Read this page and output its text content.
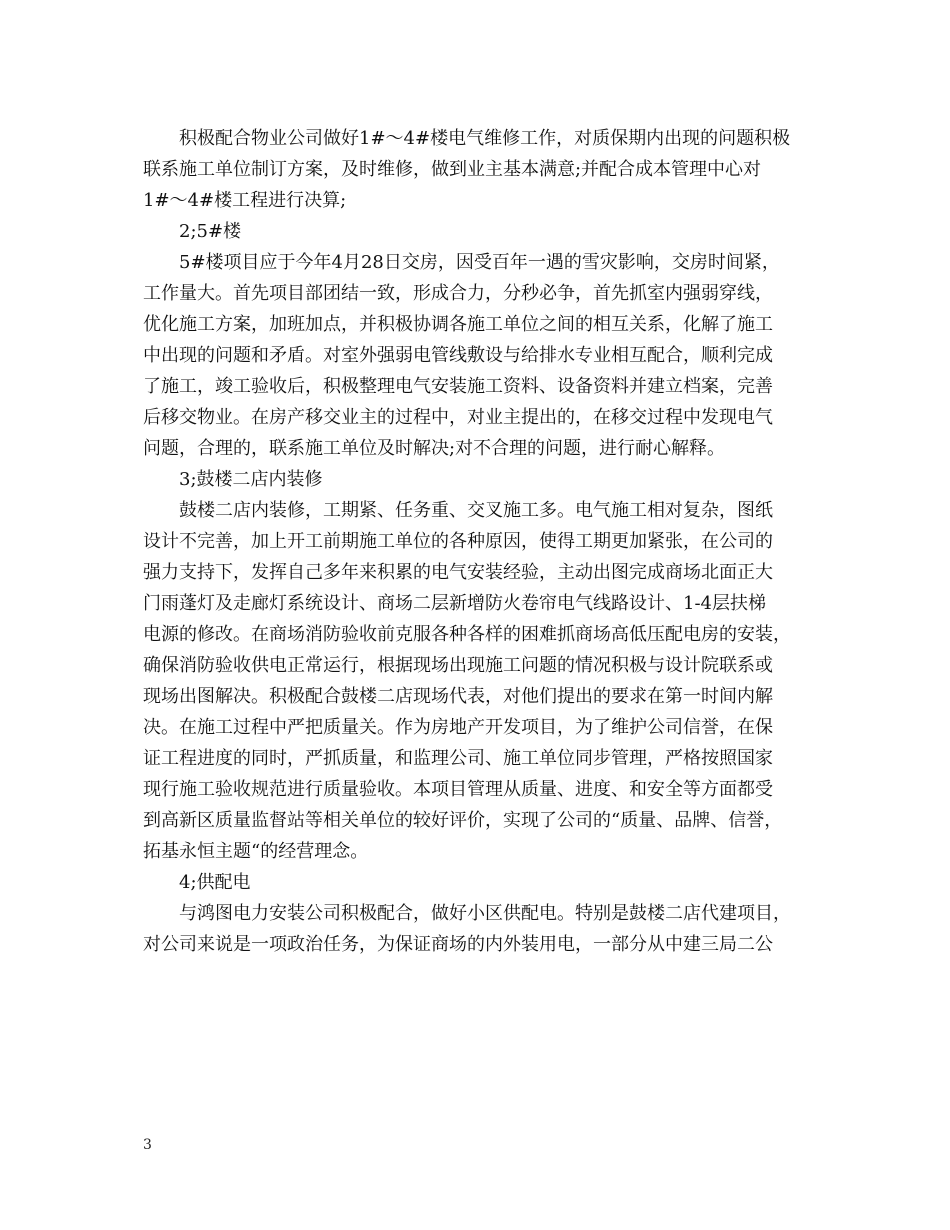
　　积极配合物业公司做好1#～4#楼电气维修工作，对质保期内出现的问题积极
联系施工单位制订方案，及时维修，做到业主基本满意;并配合成本管理中心对
1#～4#楼工程进行决算;
　　2;5#楼
　　5#楼项目应于今年4月28日交房，因受百年一遇的雪灾影响，交房时间紧，
工作量大。首先项目部团结一致，形成合力，分秒必争，首先抓室内强弱穿线，
优化施工方案，加班加点，并积极协调各施工单位之间的相互关系，化解了施工
中出现的问题和矛盾。对室外强弱电管线敷设与给排水专业相互配合，顺利完成
了施工，竣工验收后，积极整理电气安装施工资料、设备资料并建立档案，完善
后移交物业。在房产移交业主的过程中，对业主提出的，在移交过程中发现电气
问题，合理的，联系施工单位及时解决;对不合理的问题，进行耐心解释。
　　3;鼓楼二店内装修
　　鼓楼二店内装修，工期紧、任务重、交叉施工多。电气施工相对复杂，图纸
设计不完善，加上开工前期施工单位的各种原因，使得工期更加紧张，在公司的
强力支持下，发挥自己多年来积累的电气安装经验，主动出图完成商场北面正大
门雨蓬灯及走廊灯系统设计、商场二层新增防火卷帘电气线路设计、1-4层扶梯
电源的修改。在商场消防验收前克服各种各样的困难抓商场高低压配电房的安装，
确保消防验收供电正常运行，根据现场出现施工问题的情况积极与设计院联系或
现场出图解决。积极配合鼓楼二店现场代表，对他们提出的要求在第一时间内解
决。在施工过程中严把质量关。作为房地产开发项目，为了维护公司信誉，在保
证工程进度的同时，严抓质量，和监理公司、施工单位同步管理，严格按照国家
现行施工验收规范进行质量验收。本项目管理从质量、进度、和安全等方面都受
到高新区质量监督站等相关单位的较好评价，实现了公司的“质量、品牌、信誉，
拓基永恒主题“的经营理念。
　　4;供配电
　　与鸿图电力安装公司积极配合，做好小区供配电。特别是鼓楼二店代建项目，
对公司来说是一项政治任务，为保证商场的内外装用电，一部分从中建三局二公
3
